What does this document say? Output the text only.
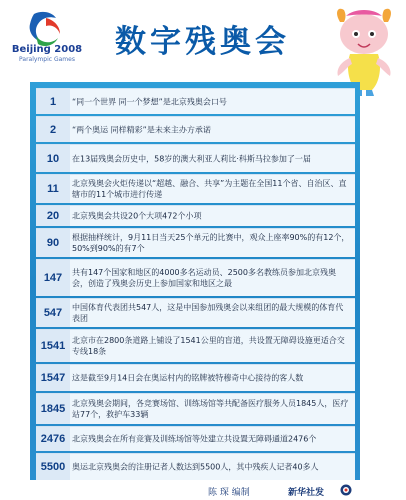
Beijing 2008
Paralympic Games 数字残奥会
1	“同一个世界 同一个梦想”是北京残奥会口号
2	“两个奥运 同样精彩”是未来主办方承诺
10	在13届残奥会历史中，58岁的澳大利亚人莉比·科斯马拉参加了一届
11	北京残奥会火炬传递以“超越、融合、共享”为主题在全国11个省、自治区、直辖市的11个城市进行传递
20	北京残奥会共设20个大项472个小项
90	根据抽样统计，9月11日当天25个单元的比赛中，观众上座率90%的有12个，50%到90%的有7个
147	共有147个国家和地区的4000多名运动员、2500多名教练员参加北京残奥会，创造了残奥会历史上参加国家和地区之最
547	中国体育代表团共547人，这是中国参加残奥会以来组团的最大规模的体育代表团
1541 北京市在2800条道路上铺设了1541公里的盲道，共设置无障碍设施更适合交专线18条
1547 这是截至9月14日会在奥运村内的铭牌被特穆奇中心接待的客人数
1845 北京残奥会期间，各竞赛场馆、训练场馆等共配备医疗服务人员1845人，医疗站77个，救护车33辆
2476 北京残奥会在所有竞赛及训练场馆等处建立共设置无障碍通道2476个
5500 奥运北京残奥会的注册记者人数达到5500人，其中残疾人记者40多人
陈 琛 编制	新华社发
